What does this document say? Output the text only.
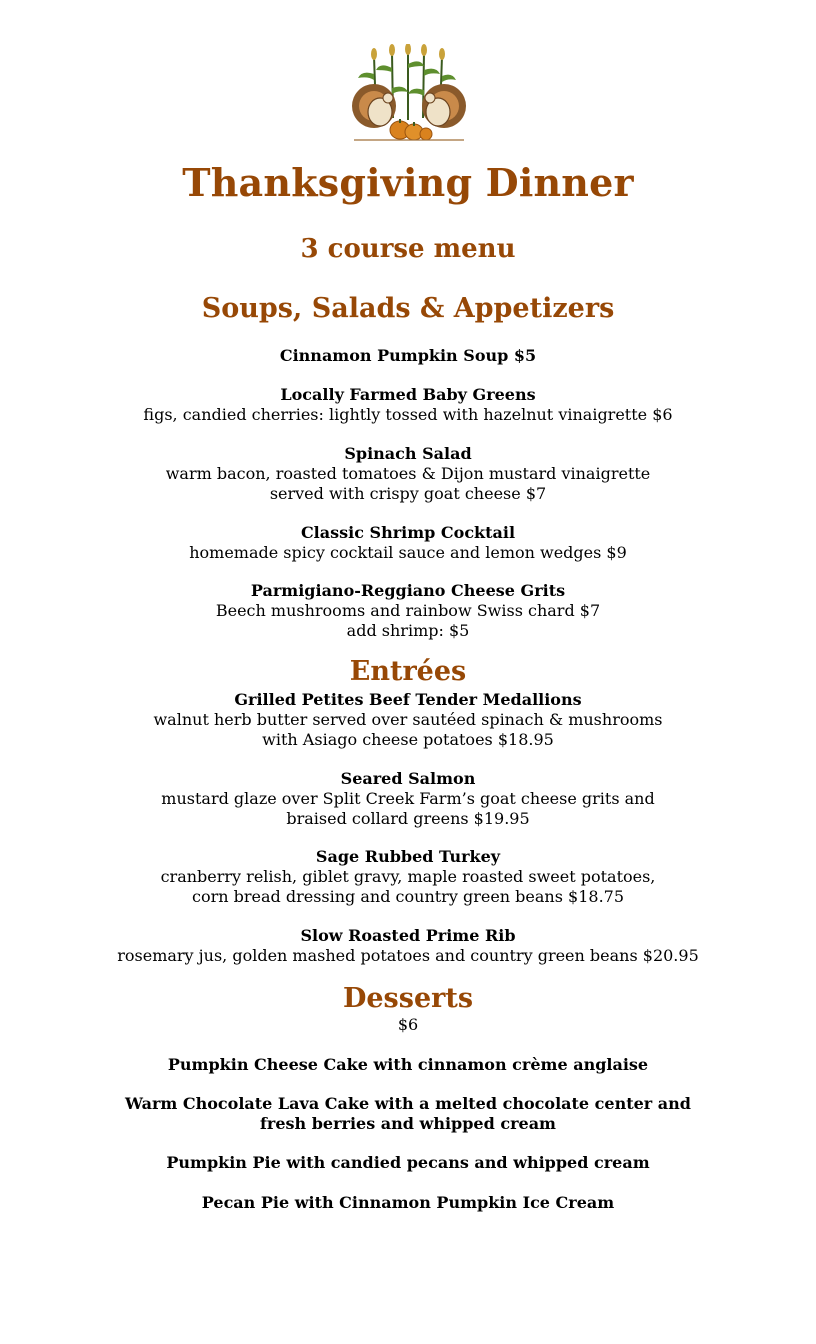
Thanksgiving Dinner
3 course menu
Soups, Salads & Appetizers
Cinnamon Pumpkin Soup $5
Locally Farmed Baby Greens
figs, candied cherries: lightly tossed with hazelnut vinaigrette $6
Spinach Salad
warm bacon, roasted tomatoes & Dijon mustard vinaigrette
served with crispy goat cheese $7
Classic Shrimp Cocktail
homemade spicy cocktail sauce and lemon wedges $9
Parmigiano-Reggiano Cheese Grits
Beech mushrooms and rainbow Swiss chard $7
add shrimp: $5
Entrées
Grilled Petites Beef Tender Medallions
walnut herb butter served over sautéed spinach & mushrooms
with Asiago cheese potatoes $18.95
Seared Salmon
mustard glaze over Split Creek Farm’s goat cheese grits and
braised collard greens $19.95
Sage Rubbed Turkey
cranberry relish, giblet gravy, maple roasted sweet potatoes,
corn bread dressing and country green beans $18.75
Slow Roasted Prime Rib
rosemary jus, golden mashed potatoes and country green beans $20.95
Desserts
$6
Pumpkin Cheese Cake with cinnamon crème anglaise
Warm Chocolate Lava Cake with a melted chocolate center and
fresh berries and whipped cream
Pumpkin Pie with candied pecans and whipped cream
Pecan Pie with Cinnamon Pumpkin Ice Cream
